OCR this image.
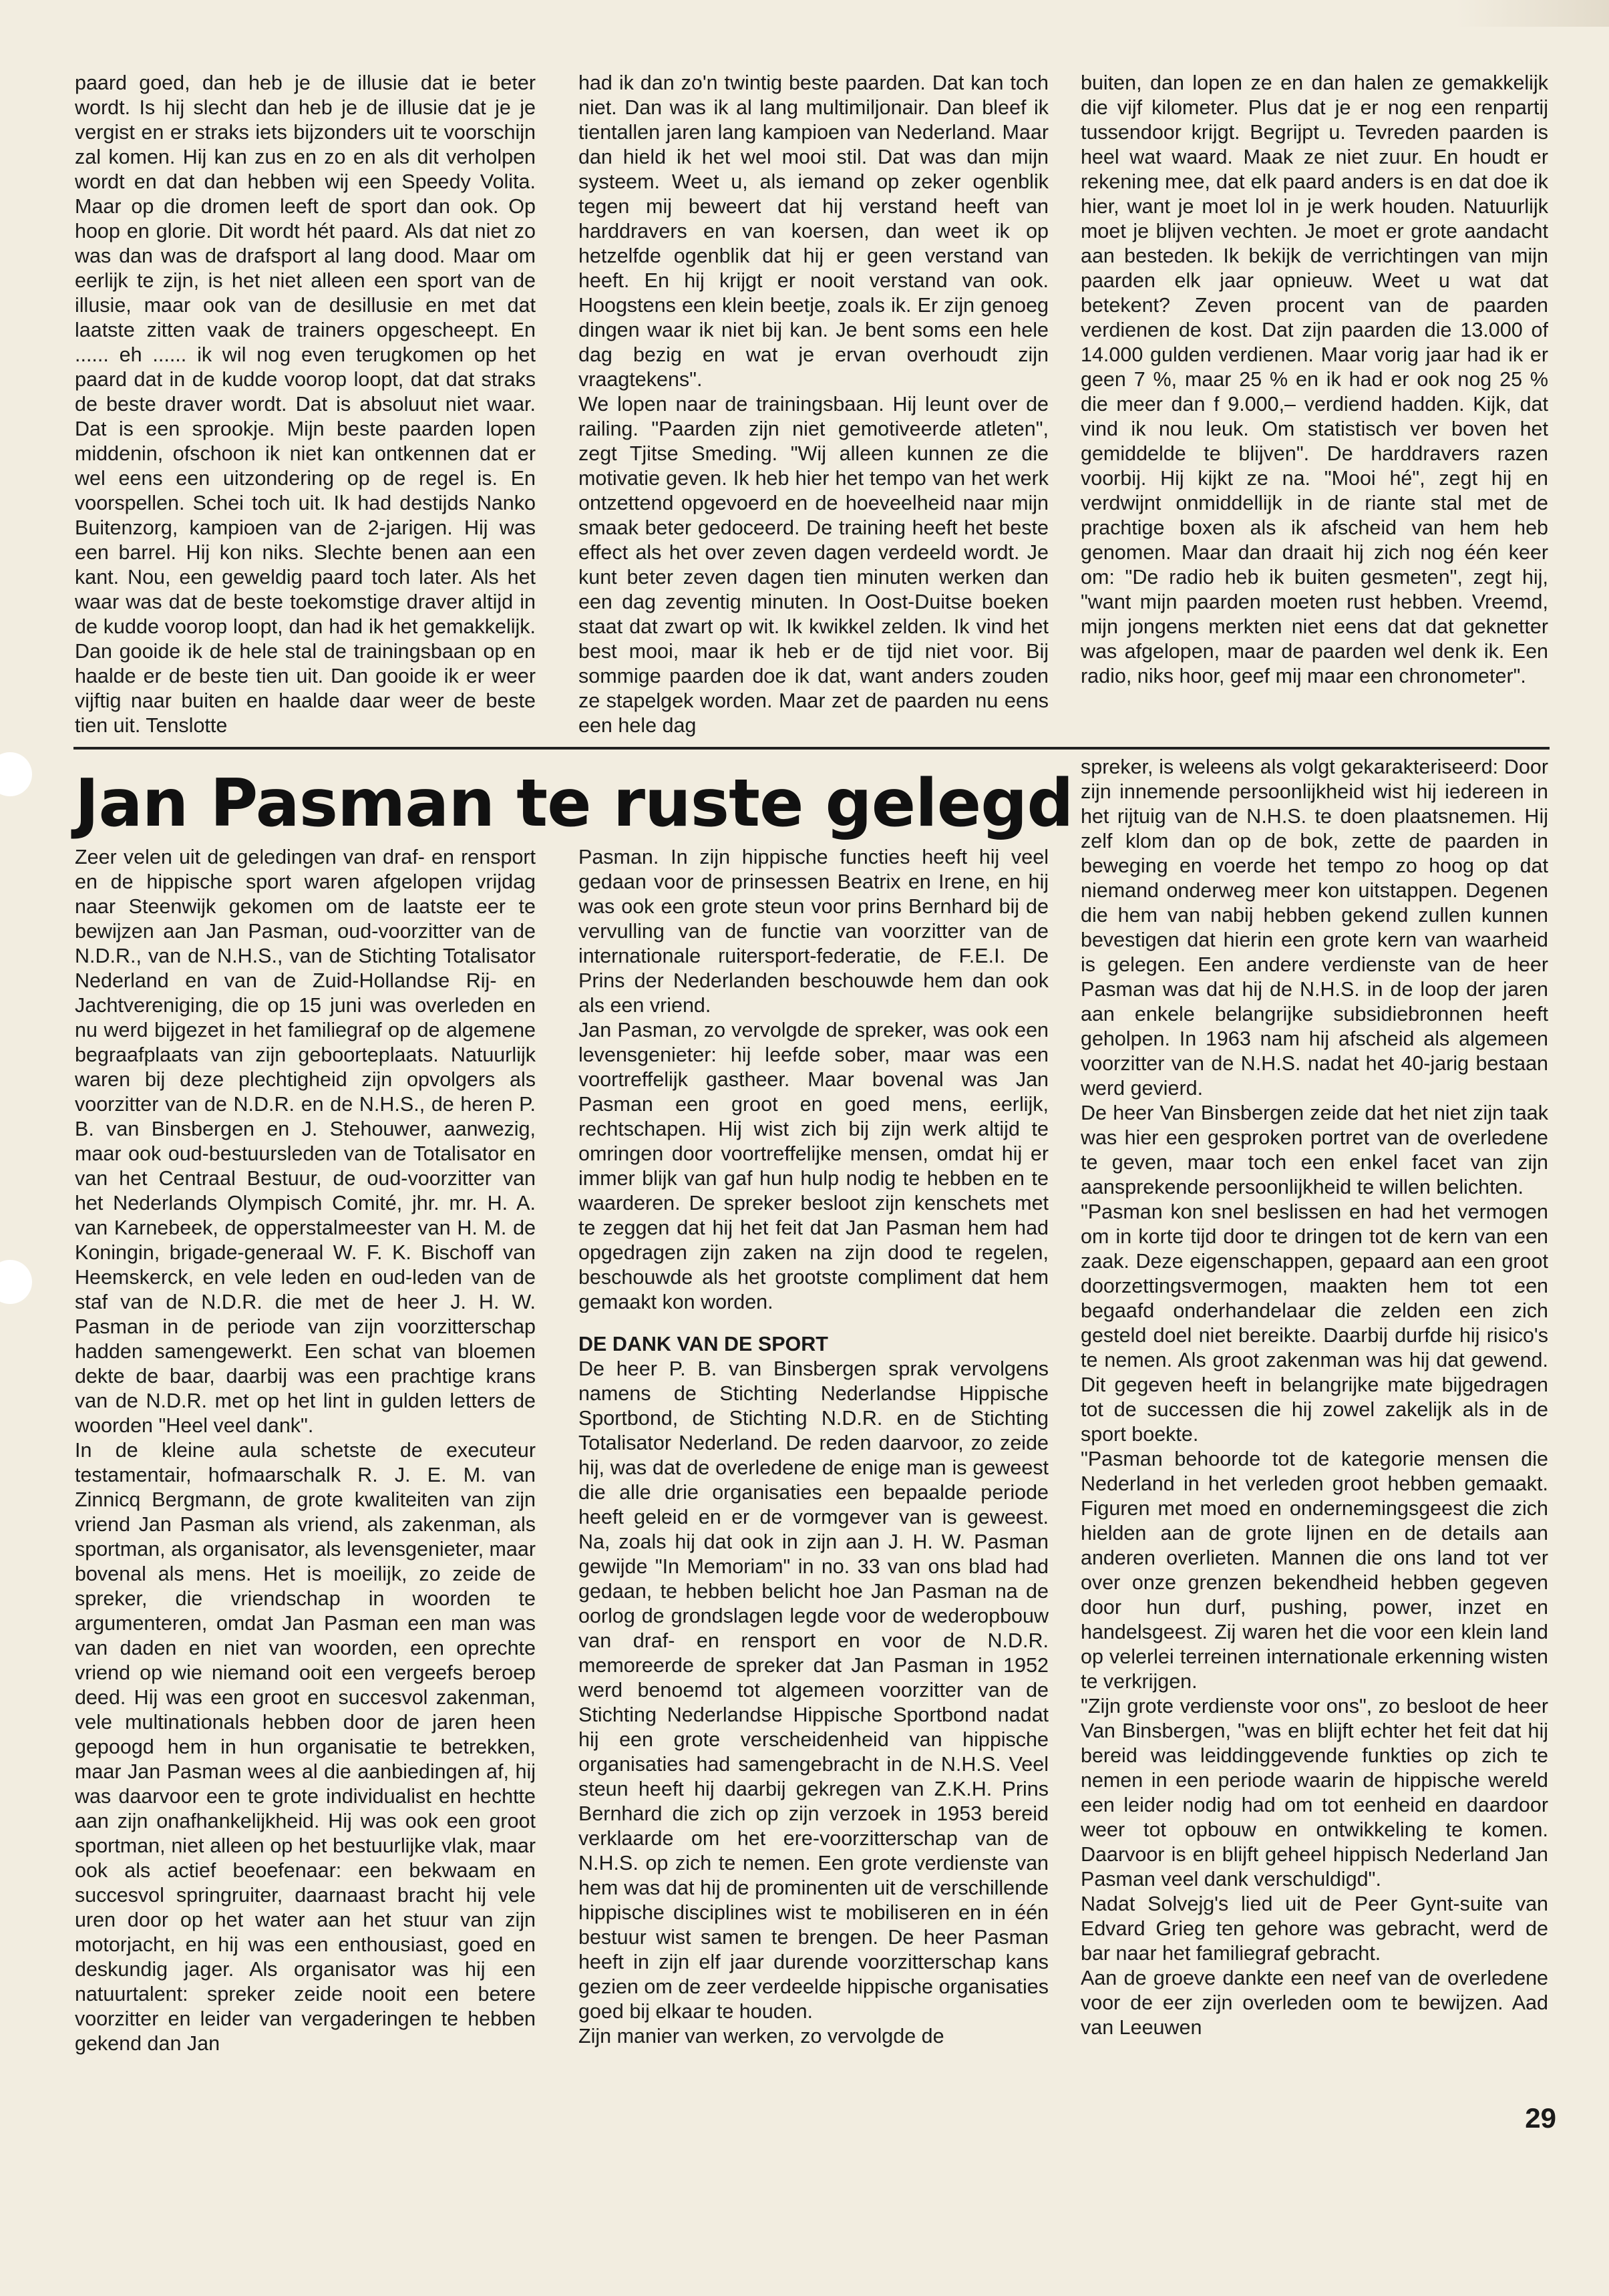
paard goed, dan heb je de illusie dat ie beter wordt. Is hij slecht dan heb je de illusie dat je je vergist en er straks iets bijzonders uit te voorschijn zal komen. Hij kan zus en zo en als dit verholpen wordt en dat dan hebben wij een Speedy Volita. Maar op die dromen leeft de sport dan ook. Op hoop en glorie. Dit wordt hét paard. Als dat niet zo was dan was de drafsport al lang dood. Maar om eerlijk te zijn, is het niet alleen een sport van de illusie, maar ook van de desillusie en met dat laatste zitten vaak de trainers opgescheept. En ...... eh ...... ik wil nog even terugkomen op het paard dat in de kudde voorop loopt, dat dat straks de beste draver wordt. Dat is absoluut niet waar. Dat is een sprookje. Mijn beste paarden lopen middenin, ofschoon ik niet kan ontkennen dat er wel eens een uitzondering op de regel is. En voorspellen. Schei toch uit. Ik had destijds Nanko Buitenzorg, kampioen van de 2-jarigen. Hij was een barrel. Hij kon niks. Slechte benen aan een kant. Nou, een geweldig paard toch later. Als het waar was dat de beste toekomstige draver altijd in de kudde voorop loopt, dan had ik het gemakkelijk. Dan gooide ik de hele stal de trainingsbaan op en haalde er de beste tien uit. Dan gooide ik er weer vijftig naar buiten en haalde daar weer de beste tien uit. Tenslotte
had ik dan zo'n twintig beste paarden. Dat kan toch niet. Dan was ik al lang multimiljonair. Dan bleef ik tientallen jaren lang kampioen van Nederland. Maar dan hield ik het wel mooi stil. Dat was dan mijn systeem. Weet u, als iemand op zeker ogenblik tegen mij beweert dat hij verstand heeft van harddravers en van koersen, dan weet ik op hetzelfde ogenblik dat hij er geen verstand van heeft. En hij krijgt er nooit verstand van ook. Hoogstens een klein beetje, zoals ik. Er zijn genoeg dingen waar ik niet bij kan. Je bent soms een hele dag bezig en wat je ervan overhoudt zijn vraagtekens".
We lopen naar de trainingsbaan. Hij leunt over de railing. "Paarden zijn niet gemotiveerde atleten", zegt Tjitse Smeding. "Wij alleen kunnen ze die motivatie geven. Ik heb hier het tempo van het werk ontzettend opgevoerd en de hoeveelheid naar mijn smaak beter gedoceerd. De training heeft het beste effect als het over zeven dagen verdeeld wordt. Je kunt beter zeven dagen tien minuten werken dan een dag zeventig minuten. In Oost-Duitse boeken staat dat zwart op wit. Ik kwikkel zelden. Ik vind het best mooi, maar ik heb er de tijd niet voor. Bij sommige paarden doe ik dat, want anders zouden ze stapelgek worden. Maar zet de paarden nu eens een hele dag
buiten, dan lopen ze en dan halen ze gemakkelijk die vijf kilometer. Plus dat je er nog een renpartij tussendoor krijgt. Begrijpt u. Tevreden paarden is heel wat waard. Maak ze niet zuur. En houdt er rekening mee, dat elk paard anders is en dat doe ik hier, want je moet lol in je werk houden. Natuurlijk moet je blijven vechten. Je moet er grote aandacht aan besteden. Ik bekijk de verrichtingen van mijn paarden elk jaar opnieuw. Weet u wat dat betekent? Zeven procent van de paarden verdienen de kost. Dat zijn paarden die 13.000 of 14.000 gulden verdienen. Maar vorig jaar had ik er geen 7 %, maar 25 % en ik had er ook nog 25 % die meer dan f 9.000,– verdiend hadden. Kijk, dat vind ik nou leuk. Om statistisch ver boven het gemiddelde te blijven". De harddravers razen voorbij. Hij kijkt ze na. "Mooi hé", zegt hij en verdwijnt onmiddellijk in de riante stal met de prachtige boxen als ik afscheid van hem heb genomen. Maar dan draait hij zich nog één keer om: "De radio heb ik buiten gesmeten", zegt hij, "want mijn paarden moeten rust hebben. Vreemd, mijn jongens merkten niet eens dat dat geknetter was afgelopen, maar de paarden wel denk ik. Een radio, niks hoor, geef mij maar een chronometer".
Jan Pasman te ruste gelegd
Zeer velen uit de geledingen van draf- en rensport en de hippische sport waren afgelopen vrijdag naar Steenwijk gekomen om de laatste eer te bewijzen aan Jan Pasman, oud-voorzitter van de N.D.R., van de N.H.S., van de Stichting Totalisator Nederland en van de Zuid-Hollandse Rij- en Jachtvereniging, die op 15 juni was overleden en nu werd bijgezet in het familiegraf op de algemene begraafplaats van zijn geboorteplaats. Natuurlijk waren bij deze plechtigheid zijn opvolgers als voorzitter van de N.D.R. en de N.H.S., de heren P. B. van Binsbergen en J. Stehouwer, aanwezig, maar ook oud-bestuursleden van de Totalisator en van het Centraal Bestuur, de oud-voorzitter van het Nederlands Olympisch Comité, jhr. mr. H. A. van Karnebeek, de opperstalmeester van H. M. de Koningin, brigade-generaal W. F. K. Bischoff van Heemskerck, en vele leden en oud-leden van de staf van de N.D.R. die met de heer J. H. W. Pasman in de periode van zijn voorzitterschap hadden samengewerkt. Een schat van bloemen dekte de baar, daarbij was een prachtige krans van de N.D.R. met op het lint in gulden letters de woorden "Heel veel dank".
In de kleine aula schetste de executeur testamentair, hofmaarschalk R. J. E. M. van Zinnicq Bergmann, de grote kwaliteiten van zijn vriend Jan Pasman als vriend, als zakenman, als sportman, als organisator, als levensgenieter, maar bovenal als mens. Het is moeilijk, zo zeide de spreker, die vriendschap in woorden te argumenteren, omdat Jan Pasman een man was van daden en niet van woorden, een oprechte vriend op wie niemand ooit een vergeefs beroep deed. Hij was een groot en succesvol zakenman, vele multinationals hebben door de jaren heen gepoogd hem in hun organisatie te betrekken, maar Jan Pasman wees al die aanbiedingen af, hij was daarvoor een te grote individualist en hechtte aan zijn onafhankelijkheid. Hij was ook een groot sportman, niet alleen op het bestuurlijke vlak, maar ook als actief beoefenaar: een bekwaam en succesvol springruiter, daarnaast bracht hij vele uren door op het water aan het stuur van zijn motorjacht, en hij was een enthousiast, goed en deskundig jager. Als organisator was hij een natuurtalent: spreker zeide nooit een betere voorzitter en leider van vergaderingen te hebben gekend dan Jan
Pasman. In zijn hippische functies heeft hij veel gedaan voor de prinsessen Beatrix en Irene, en hij was ook een grote steun voor prins Bernhard bij de vervulling van de functie van voorzitter van de internationale ruitersport-federatie, de F.E.I. De Prins der Nederlanden beschouwde hem dan ook als een vriend.
Jan Pasman, zo vervolgde de spreker, was ook een levensgenieter: hij leefde sober, maar was een voortreffelijk gastheer. Maar bovenal was Jan Pasman een groot en goed mens, eerlijk, rechtschapen. Hij wist zich bij zijn werk altijd te omringen door voortreffelijke mensen, omdat hij er immer blijk van gaf hun hulp nodig te hebben en te waarderen. De spreker besloot zijn kenschets met te zeggen dat hij het feit dat Jan Pasman hem had opgedragen zijn zaken na zijn dood te regelen, beschouwde als het grootste compliment dat hem gemaakt kon worden.
DE DANK VAN DE SPORT
De heer P. B. van Binsbergen sprak vervolgens namens de Stichting Nederlandse Hippische Sportbond, de Stichting N.D.R. en de Stichting Totalisator Nederland. De reden daarvoor, zo zeide hij, was dat de overledene de enige man is geweest die alle drie organisaties een bepaalde periode heeft geleid en er de vormgever van is geweest. Na, zoals hij dat ook in zijn aan J. H. W. Pasman gewijde "In Memoriam" in no. 33 van ons blad had gedaan, te hebben belicht hoe Jan Pasman na de oorlog de grondslagen legde voor de wederopbouw van draf- en rensport en voor de N.D.R. memoreerde de spreker dat Jan Pasman in 1952 werd benoemd tot algemeen voorzitter van de Stichting Nederlandse Hippische Sportbond nadat hij een grote verscheidenheid van hippische organisaties had samengebracht in de N.H.S. Veel steun heeft hij daarbij gekregen van Z.K.H. Prins Bernhard die zich op zijn verzoek in 1953 bereid verklaarde om het ere-voorzitterschap van de N.H.S. op zich te nemen. Een grote verdienste van hem was dat hij de prominenten uit de verschillende hippische disciplines wist te mobiliseren en in één bestuur wist samen te brengen. De heer Pasman heeft in zijn elf jaar durende voorzitterschap kans gezien om de zeer verdeelde hippische organisaties goed bij elkaar te houden.
Zijn manier van werken, zo vervolgde de
spreker, is weleens als volgt gekarakteriseerd: Door zijn innemende persoonlijkheid wist hij iedereen in het rijtuig van de N.H.S. te doen plaatsnemen. Hij zelf klom dan op de bok, zette de paarden in beweging en voerde het tempo zo hoog op dat niemand onderweg meer kon uitstappen. Degenen die hem van nabij hebben gekend zullen kunnen bevestigen dat hierin een grote kern van waarheid is gelegen. Een andere verdienste van de heer Pasman was dat hij de N.H.S. in de loop der jaren aan enkele belangrijke subsidiebronnen heeft geholpen. In 1963 nam hij afscheid als algemeen voorzitter van de N.H.S. nadat het 40-jarig bestaan werd gevierd.
De heer Van Binsbergen zeide dat het niet zijn taak was hier een gesproken portret van de overledene te geven, maar toch een enkel facet van zijn aansprekende persoonlijkheid te willen belichten.
"Pasman kon snel beslissen en had het vermogen om in korte tijd door te dringen tot de kern van een zaak. Deze eigenschappen, gepaard aan een groot doorzettingsvermogen, maakten hem tot een begaafd onderhandelaar die zelden een zich gesteld doel niet bereikte. Daarbij durfde hij risico's te nemen. Als groot zakenman was hij dat gewend. Dit gegeven heeft in belangrijke mate bijgedragen tot de successen die hij zowel zakelijk als in de sport boekte.
"Pasman behoorde tot de kategorie mensen die Nederland in het verleden groot hebben gemaakt. Figuren met moed en ondernemingsgeest die zich hielden aan de grote lijnen en de details aan anderen overlieten. Mannen die ons land tot ver over onze grenzen bekendheid hebben gegeven door hun durf, pushing, power, inzet en handelsgeest. Zij waren het die voor een klein land op velerlei terreinen internationale erkenning wisten te verkrijgen.
"Zijn grote verdienste voor ons", zo besloot de heer Van Binsbergen, "was en blijft echter het feit dat hij bereid was leiddinggevende funkties op zich te nemen in een periode waarin de hippische wereld een leider nodig had om tot eenheid en daardoor weer tot opbouw en ontwikkeling te komen. Daarvoor is en blijft geheel hippisch Nederland Jan Pasman veel dank verschuldigd".
Nadat Solvejg's lied uit de Peer Gynt-suite van Edvard Grieg ten gehore was gebracht, werd de bar naar het familiegraf gebracht.
Aan de groeve dankte een neef van de overledene voor de eer zijn overleden oom te bewijzen. Aad van Leeuwen
29
